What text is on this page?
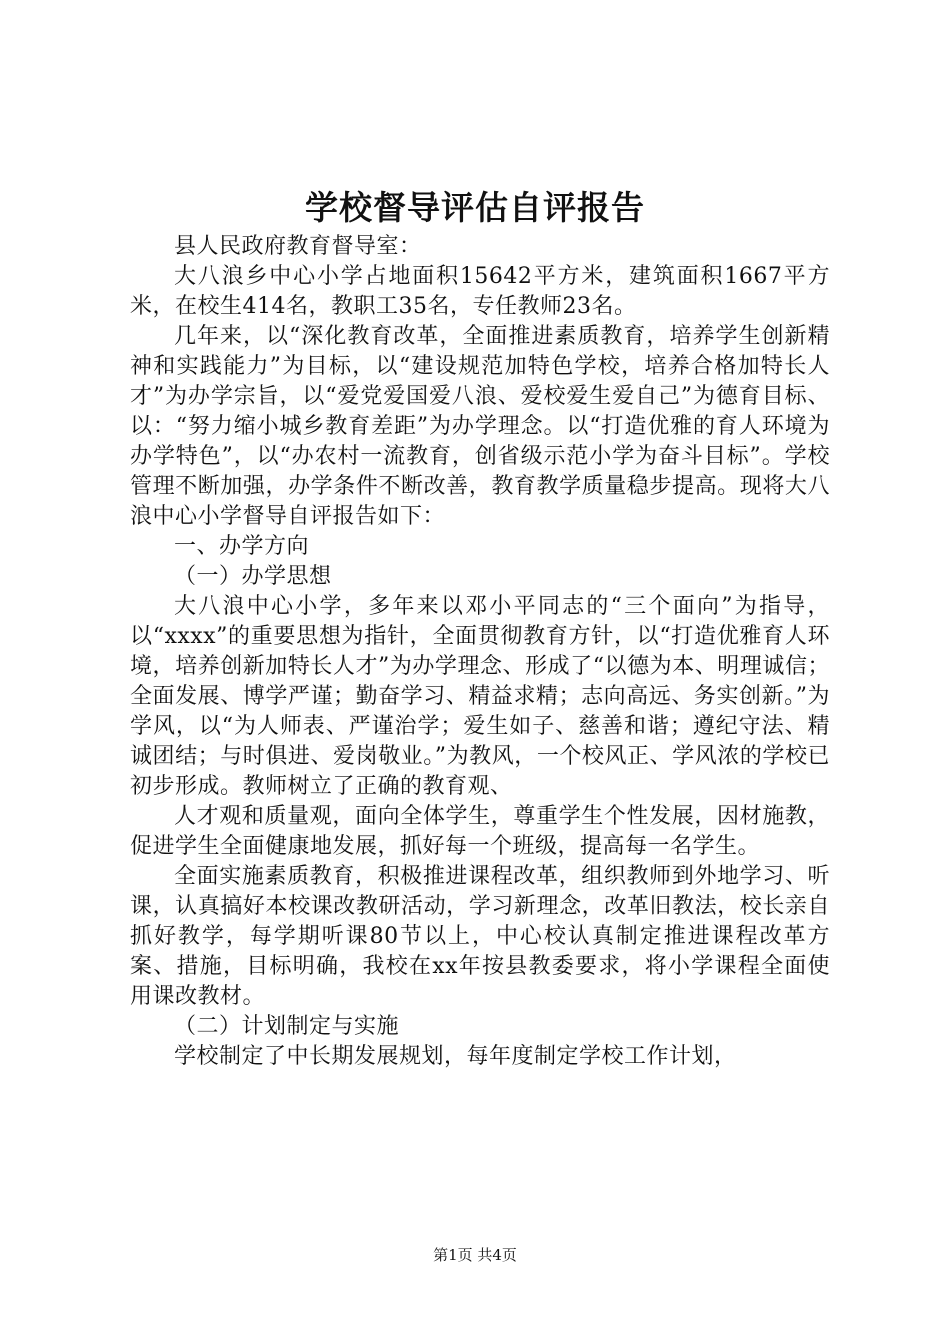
学校督导评估自评报告

县人民政府教育督导室：

大八浪乡中心小学占地面积15642平方米，建筑面积1667平方米，在校生414名，教职工35名，专任教师23名。

几年来，以“深化教育改革，全面推进素质教育，培养学生创新精神和实践能力”为目标，以“建设规范加特色学校，培养合格加特长人才”为办学宗旨，以“爱党爱国爱八浪、爱校爱生爱自己”为德育目标、以：“努力缩小城乡教育差距”为办学理念。以“打造优雅的育人环境为办学特色”，以“办农村一流教育，创省级示范小学为奋斗目标”。学校管理不断加强，办学条件不断改善，教育教学质量稳步提高。现将大八浪中心小学督导自评报告如下：

一、办学方向

（一）办学思想

大八浪中心小学，多年来以邓小平同志的“三个面向”为指导，以“xxxx”的重要思想为指针，全面贯彻教育方针，以“打造优雅育人环境，培养创新加特长人才”为办学理念、形成了“以德为本、明理诚信；全面发展、博学严谨；勤奋学习、精益求精；志向高远、务实创新。”为学风，以“为人师表、严谨治学；爱生如子、慈善和谐；遵纪守法、精诚团结；与时俱进、爱岗敬业。”为教风，一个校风正、学风浓的学校已初步形成。教师树立了正确的教育观、

人才观和质量观，面向全体学生，尊重学生个性发展，因材施教，促进学生全面健康地发展，抓好每一个班级，提高每一名学生。

全面实施素质教育，积极推进课程改革，组织教师到外地学习、听课，认真搞好本校课改教研活动，学习新理念，改革旧教法，校长亲自抓好教学，每学期听课80节以上，中心校认真制定推进课程改革方案、措施，目标明确，我校在xx年按县教委要求，将小学课程全面使用课改教材。

（二）计划制定与实施

学校制定了中长期发展规划，每年度制定学校工作计划，

第1页 共4页
